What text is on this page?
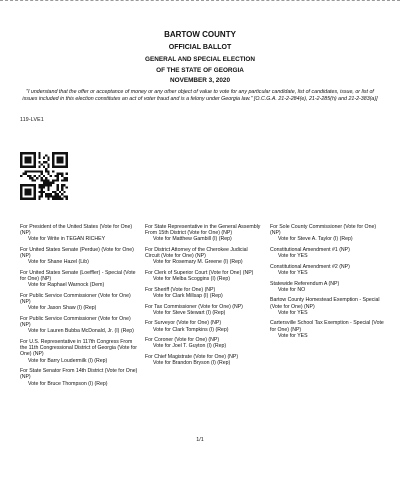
BARTOW COUNTY
OFFICIAL BALLOT
GENERAL AND SPECIAL ELECTION
OF THE STATE OF GEORGIA
NOVEMBER 3, 2020
"I understand that the offer or acceptance of money or any other object of value to vote for any particular candidate, list of candidates, issue, or list of issues included in this election constitutes an act of voter fraud and is a felony under Georgia law." [O.C.G.A. 21-2-284(e), 21-2-285(h) and 21-2-383(a)]
119-LVE1
For President of the United States (Vote for One) (NP)
Vote for Write in TEGAN RICHEY
For United States Senate (Perdue) (Vote for One) (NP)
Vote for Shane Hazel (Lib)
For United States Senate (Loeffler) - Special (Vote for One) (NP)
Vote for Raphael Warnock (Dem)
For Public Service Commissioner (Vote for One) (NP)
Vote for Jason Shaw (I) (Rep)
For Public Service Commissioner (Vote for One) (NP)
Vote for Lauren Bubba McDonald, Jr. (I) (Rep)
For U.S. Representative in 117th Congress From the 11th Congressional District of Georgia (Vote for One) (NP)
Vote for Barry Loudermilk (I) (Rep)
For State Senator From 14th District (Vote for One) (NP)
Vote for Bruce Thompson (I) (Rep)
For State Representative in the General Assembly From 15th District (Vote for One) (NP)
Vote for Matthew Gambill (I) (Rep)
For District Attorney of the Cherokee Judicial Circuit (Vote for One) (NP)
Vote for Rosemary M. Greene (I) (Rep)
For Clerk of Superior Court (Vote for One) (NP)
Vote for Melba Scoggins (I) (Rep)
For Sheriff (Vote for One) (NP)
Vote for Clark Millsap (I) (Rep)
For Tax Commissioner (Vote for One) (NP)
Vote for Steve Stewart (I) (Rep)
For Surveyor (Vote for One) (NP)
Vote for Clark Tompkins (I) (Rep)
For Coroner (Vote for One) (NP)
Vote for Joel T. Guyton (I) (Rep)
For Chief Magistrate (Vote for One) (NP)
Vote for Brandon Bryson (I) (Rep)
For Sole County Commissioner (Vote for One) (NP)
Vote for Steve A. Taylor (I) (Rep)
Constitutional Amendment #1 (NP)
Vote for YES
Constitutional Amendment #2 (NP)
Vote for YES
Statewide Referendum A (NP)
Vote for NO
Bartow County Homestead Exemption - Special (Vote for One) (NP)
Vote for YES
Cartersville School Tax Exemption - Special (Vote for One) (NP)
Vote for YES
1/1
